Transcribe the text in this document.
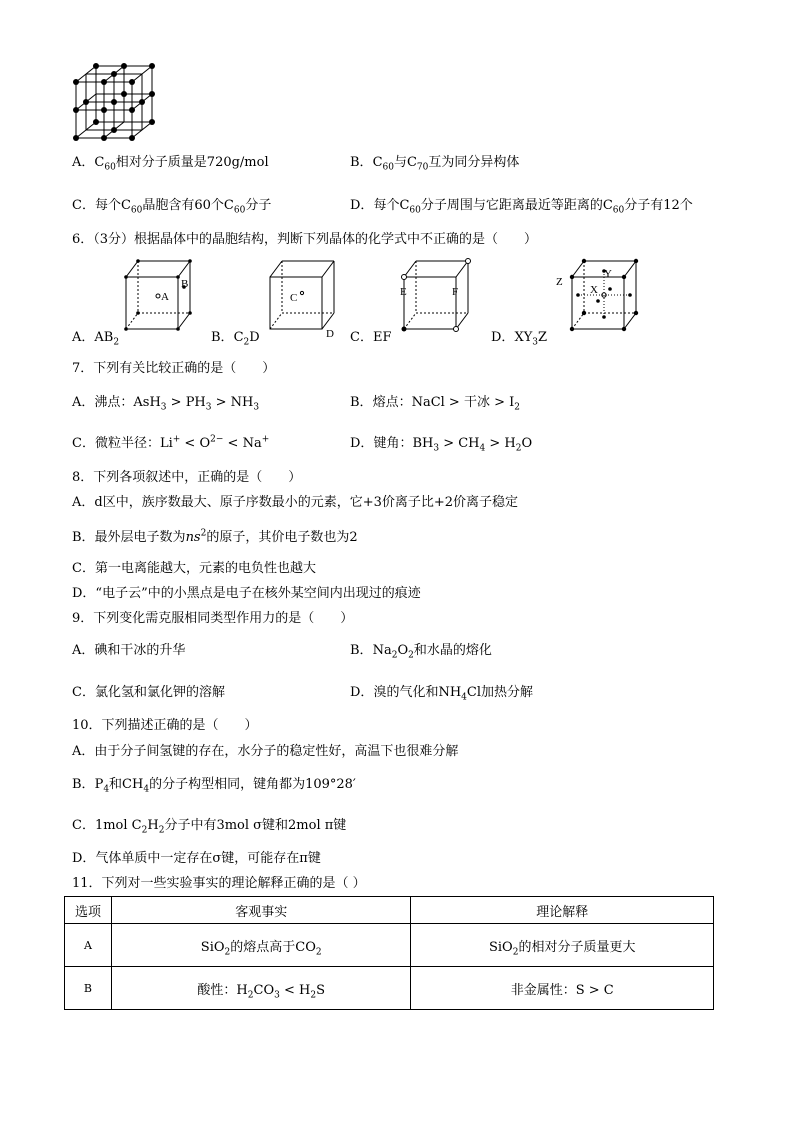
A．$C_{60}$相对分子质量是720g/mol	B．$C_{60}$与$C_{70}$互为同分异构体
C．每个$C_{60}$晶胞含有60个$C_{60}$分子	D．每个$C_{60}$分子周围与它距离最近等距离的$C_{60}$分子有12个
6．（3分）根据晶体中的晶胞结构，判断下列晶体的化学式中不正确的是（　　）
A
B
A．$AB_2$
C
D
B．$C_2D$
E	F
C．EF
Z
Y
X
D．$XY_3Z$
7．下列有关比较正确的是（　　）
A．沸点：$AsH_3 > PH_3 > NH_3$	B．熔点：NaCl > 干冰 > $I_2$
C．微粒半径：$Li^+ < O^{2-} < Na^+$	D．键角：$BH_3 > CH_4 > H_2O$
8．下列各项叙述中，正确的是（　　）
A．d区中，族序数最大、原子序数最小的元素，它+3价离子比+2价离子稳定
B．最外层电子数为$ns^2$的原子，其价电子数也为2
C．第一电离能越大，元素的电负性也越大
D．“电子云”中的小黑点是电子在核外某空间内出现过的痕迹
9．下列变化需克服相同类型作用力的是（　　）
A．碘和干冰的升华	B．$Na_2O_2$和水晶的熔化
C．氯化氢和氯化钾的溶解	D．溴的气化和$NH_4Cl$加热分解
10．下列描述正确的是（　　）
A．由于分子间氢键的存在，水分子的稳定性好，高温下也很难分解
B．$P_4$和$CH_4$的分子构型相同，键角都为109°28′
C．1mol $C_2H_2$分子中有3mol σ键和2mol π键
D．气体单质中一定存在σ键，可能存在π键
11．下列对一些实验事实的理论解释正确的是（ ）
选项	客观事实	理论解释
A	SiO$_2$的熔点高于$CO_2$	SiO$_2$的相对分子质量更大
B	酸性：$H_2CO_3 < H_2S$	非金属性：S > C
